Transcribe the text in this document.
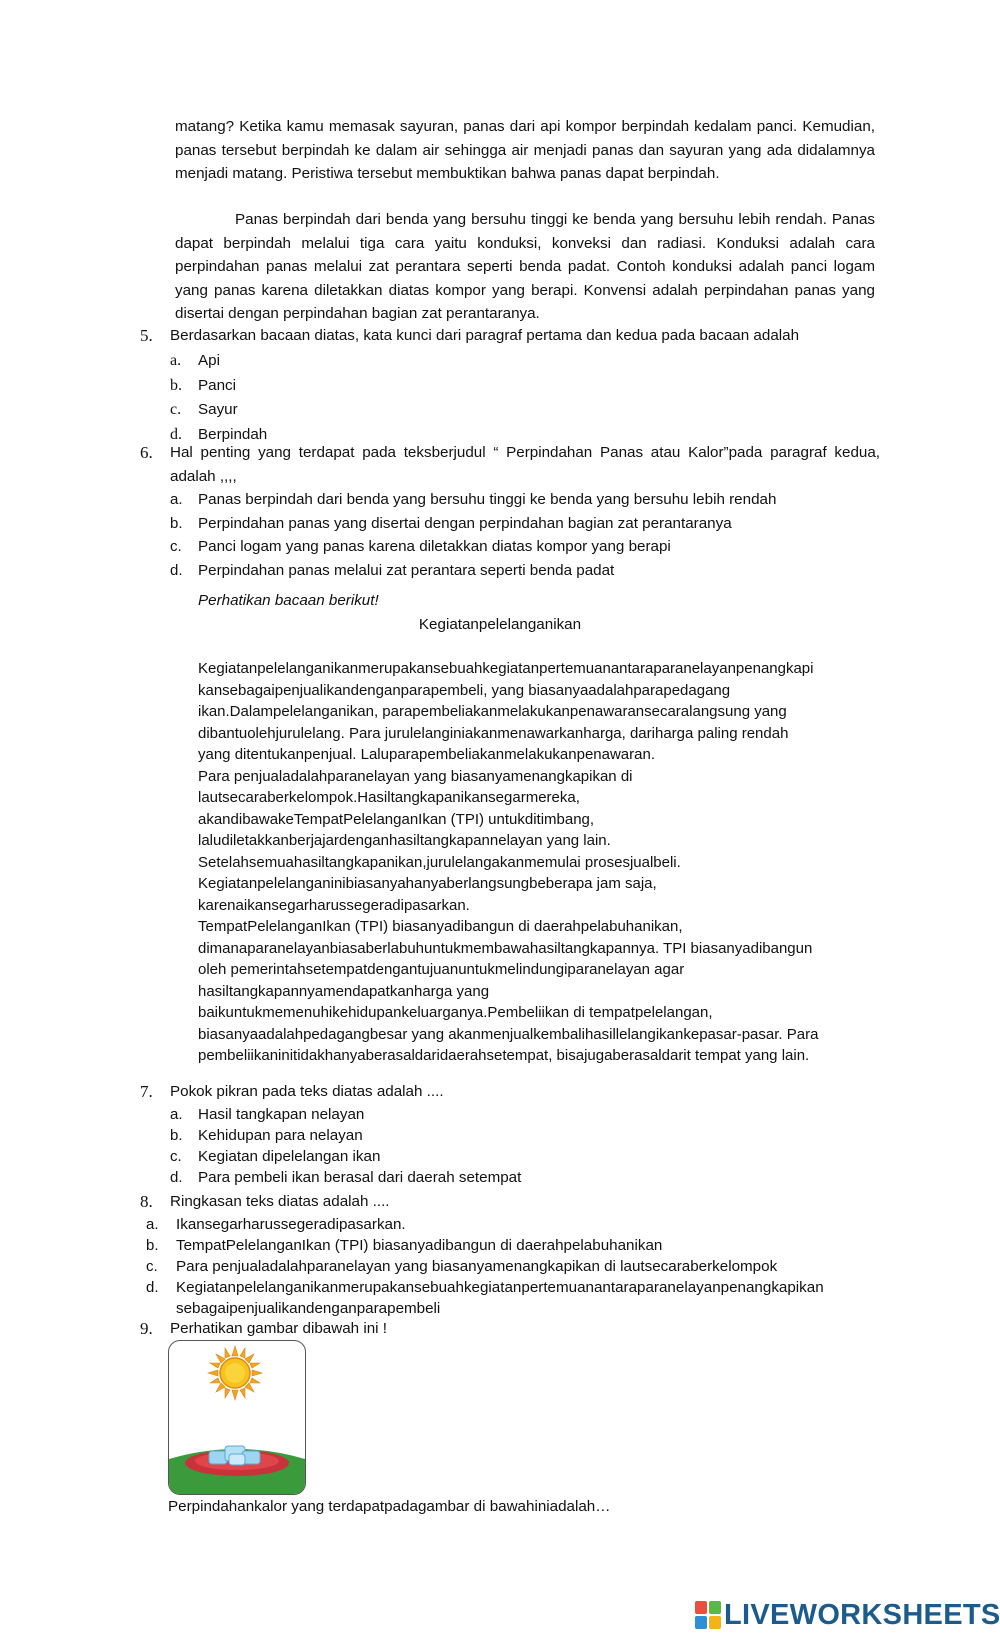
matang? Ketika kamu memasak sayuran, panas dari api kompor berpindah kedalam panci. Kemudian, panas tersebut berpindah ke dalam air sehingga air menjadi panas dan sayuran yang ada didalamnya menjadi matang. Peristiwa tersebut membuktikan bahwa panas dapat berpindah.

Panas berpindah dari benda yang bersuhu tinggi ke benda yang bersuhu lebih rendah. Panas dapat berpindah melalui tiga cara yaitu konduksi, konveksi dan radiasi. Konduksi adalah cara perpindahan panas melalui zat perantara seperti benda padat. Contoh konduksi adalah panci logam yang panas karena diletakkan diatas kompor yang berapi. Konvensi adalah perpindahan panas yang disertai dengan perpindahan bagian zat perantaranya.

5. Berdasarkan bacaan diatas, kata kunci dari paragraf pertama dan kedua pada bacaan adalah
a. Api
b. Panci
c. Sayur
d. Berpindah
6. Hal penting yang terdapat pada teksberjudul “ Perpindahan Panas atau Kalor”pada paragraf kedua, adalah ,,,,
a. Panas berpindah dari benda yang bersuhu tinggi ke benda yang bersuhu lebih rendah
b. Perpindahan panas yang disertai dengan perpindahan bagian zat perantaranya
c. Panci logam yang panas karena diletakkan diatas kompor yang berapi
d. Perpindahan panas melalui zat perantara seperti benda padat
Perhatikan bacaan berikut!
Kegiatanpelelanganikan

Kegiatanpelelanganikanmerupakansebuahkegiatanpertemuanantaraparanelayanpenangkapi

kansebagaipenjualikandenganparapembeli, yang biasanyaadalahparapedagang

ikan.Dalampelelanganikan, parapembeliakanmelakukanpenawaransecaralangsung yang

dibantuolehjurulelang. Para jurulelanginiakanmenawarkanharga, dariharga paling rendah

yang ditentukanpenjual. Laluparapembeliakanmelakukanpenawaran.

Para penjualadalahparanelayan yang biasanyamenangkapikan di

lautsecaraberkelompok.Hasiltangkapanikansegarmereka,

akandibawakeTempatPelelanganIkan (TPI) untukditimbang,

laludiletakkanberjajardenganhasiltangkapannelayan yang lain.

Setelahsemuahasiltangkapanikan,jurulelangakanmemulai prosesjualbeli.

Kegiatanpelelanganinibiasanyahanyaberlangsungbeberapa jam saja,

karenaikansegarharussegeradipasarkan.

TempatPelelanganIkan (TPI) biasanyadibangun di daerahpelabuhanikan,

dimanaparanelayanbiasaberlabuhuntukmembawahasiltangkapannya. TPI biasanyadibangun

oleh pemerintahsetempatdengantujuanuntukmelindungiparanelayan agar

hasiltangkapannyamendapatkanharga yang

baikuntukmemenuhikehidupankeluarganya.Pembeliikan di tempatpelelangan,

biasanyaadalahpedagangbesar yang akanmenjualkembalihasillelangikankepasar-pasar. Para

pembeliikaninitidakhanyaberasaldaridaerahsetempat, bisajugaberasaldarit tempat yang lain.

7. Pokok pikran pada teks diatas adalah ....
a. Hasil tangkapan nelayan
b. Kehidupan para nelayan
c. Kegiatan dipelelangan ikan
d. Para pembeli ikan berasal dari daerah setempat
8. Ringkasan teks diatas adalah ....
a. Ikansegarharussegeradipasarkan.
b. TempatPelelanganIkan (TPI) biasanyadibangun di daerahpelabuhanikan
c. Para penjualadalahparanelayan yang biasanyamenangkapikan di lautsecaraberkelompok
d. Kegiatanpelelanganikanmerupakansebuahkegiatanpertemuanantaraparanelayanpenangkapikan sebagaipenjualikandenganparapembeli
9. Perhatikan gambar dibawah ini !
Perpindahankalor yang terdapatpadagambar di bawahiniadalah…
LIVEWORKSHEETS
